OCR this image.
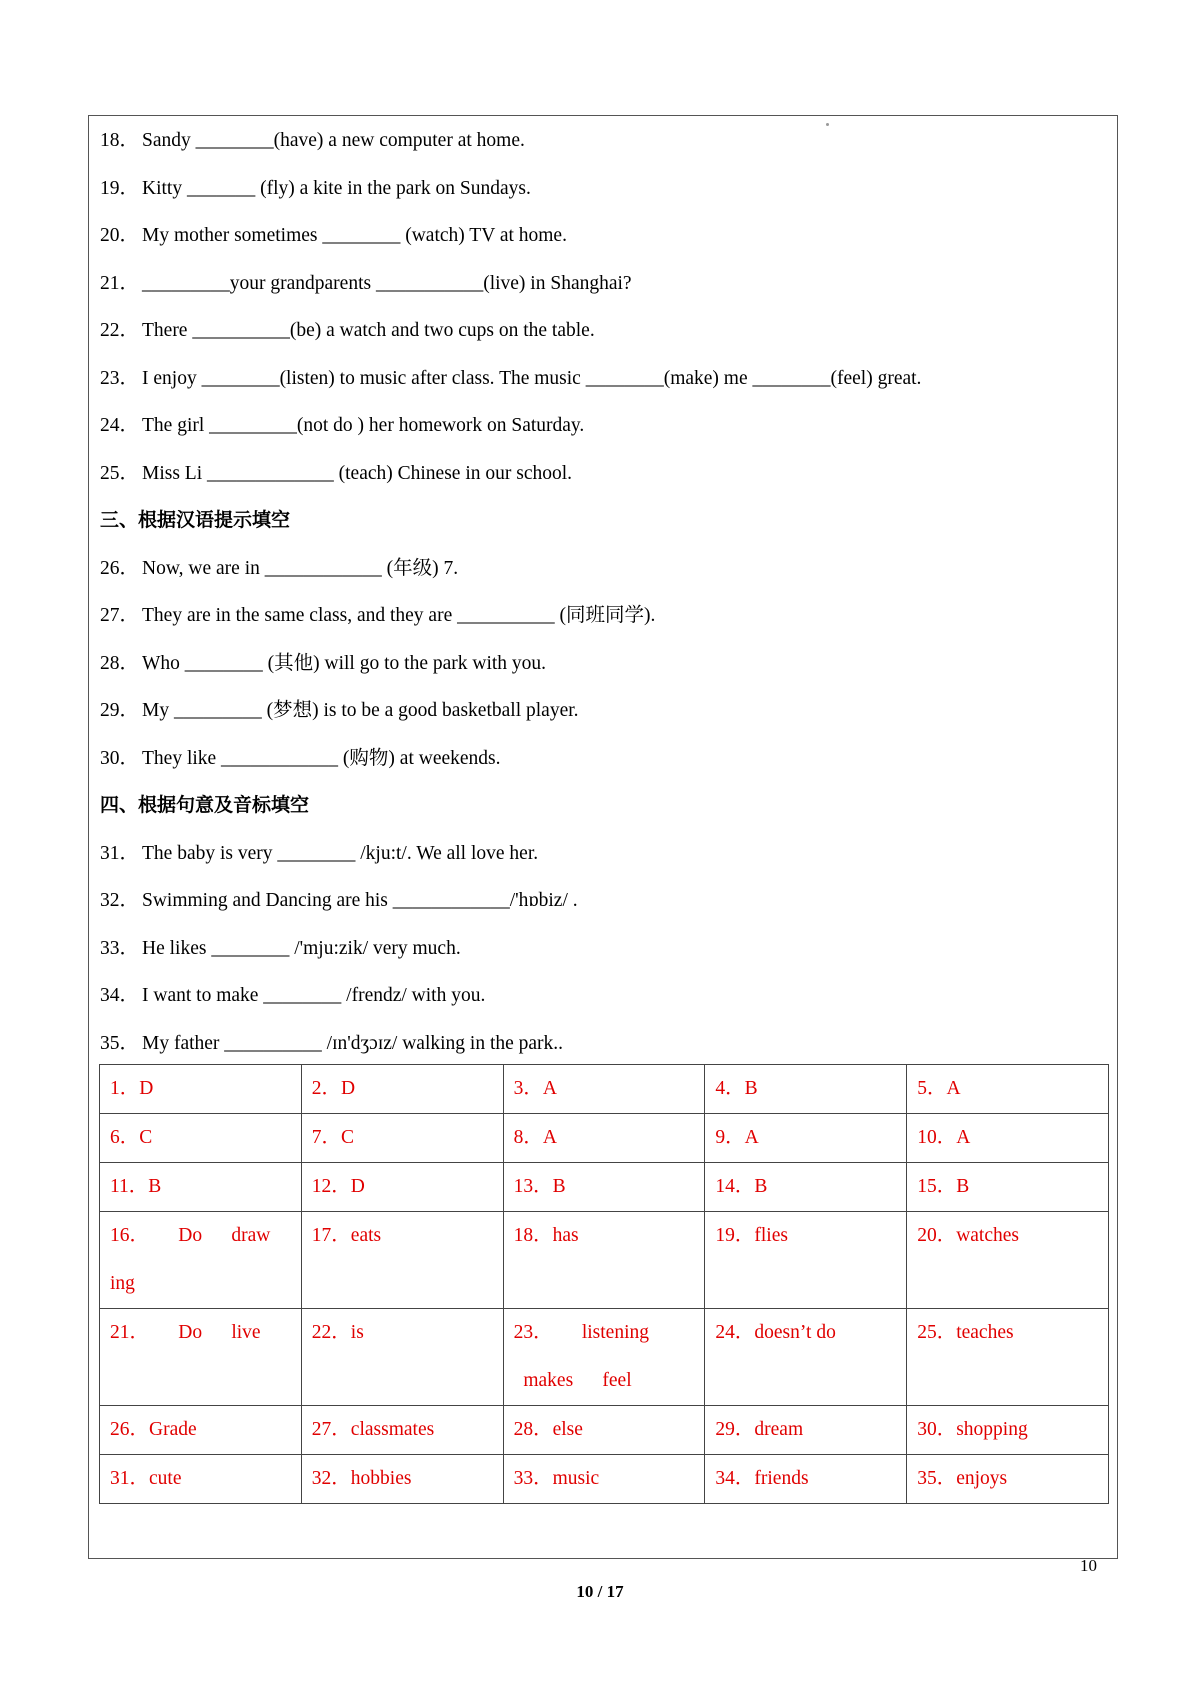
18． Sandy ________(have) a new computer at home.
19． Kitty _______ (fly) a kite in the park on Sundays.
20． My mother sometimes ________ (watch) TV at home.
21． _________your grandparents ___________(live) in Shanghai?
22． There __________(be) a watch and two cups on the table.
23． I enjoy ________(listen) to music after class. The music ________(make) me ________(feel) great.
24． The girl _________(not do ) her homework on Saturday.
25． Miss Li _____________ (teach) Chinese in our school.
三、根据汉语提示填空
26． Now, we are in ____________ (年级) 7.
27． They are in the same class, and they are __________ (同班同学).
28． Who ________ (其他) will go to the park with you.
29． My _________ (梦想) is to be a good basketball player.
30． They like ____________ (购物) at weekends.
四、根据句意及音标填空
31． The baby is very ________ /kju:t/. We all love her.
32． Swimming and Dancing are his ____________/'hɒbiz/ .
33． He likes ________ /'mju:zik/ very much.
34． I want to make ________ /frendz/ with you.
35． My father __________ /ɪn'dʒɔɪz/ walking in the park..
1．D	2．D	3．A	4．B	5．A
6．C	7．C	8．A	9．A	10．A
11．B	12．D	13．B	14．B	15．B

16．      Do      draw
ing	17．eats	18．has	19．flies	20．watches
21．      Do      live	22．is	23．      listening
makes      feel	24．doesn’t do	25．teaches
26．Grade	27．classmates	28．else	29．dream	30．shopping
31．cute	32．hobbies	33．music	34．friends	35．enjoys
10
10 / 17
